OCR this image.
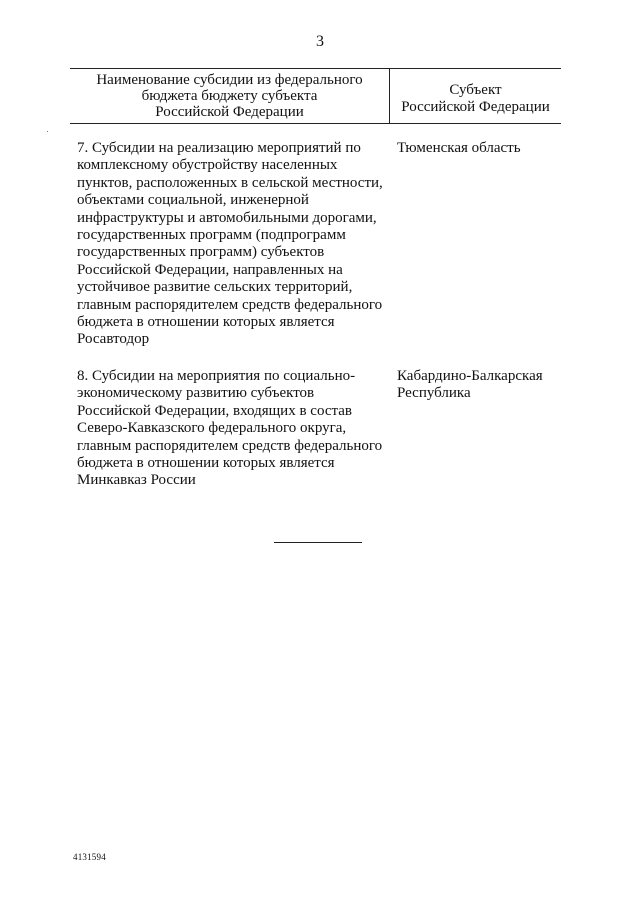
3
Наименование субсидии из федерального
бюджета бюджету субъекта
Российской Федерации
Субъект
Российской Федерации
7. Субсидии на реализацию мероприятий по
комплексному обустройству населенных
пунктов, расположенных в сельской местности,
объектами социальной, инженерной
инфраструктуры и автомобильными дорогами,
государственных программ (подпрограмм
государственных программ) субъектов
Российской Федерации, направленных на
устойчивое развитие сельских территорий,
главным распорядителем средств федерального
бюджета в отношении которых является
Росавтодор
Тюменская область
8. Субсидии на мероприятия по социально-
экономическому развитию субъектов
Российской Федерации, входящих в состав
Северо-Кавказского федерального округа,
главным распорядителем средств федерального
бюджета в отношении которых является
Минкавказ России
Кабардино-Балкарская
Республика
4131594
